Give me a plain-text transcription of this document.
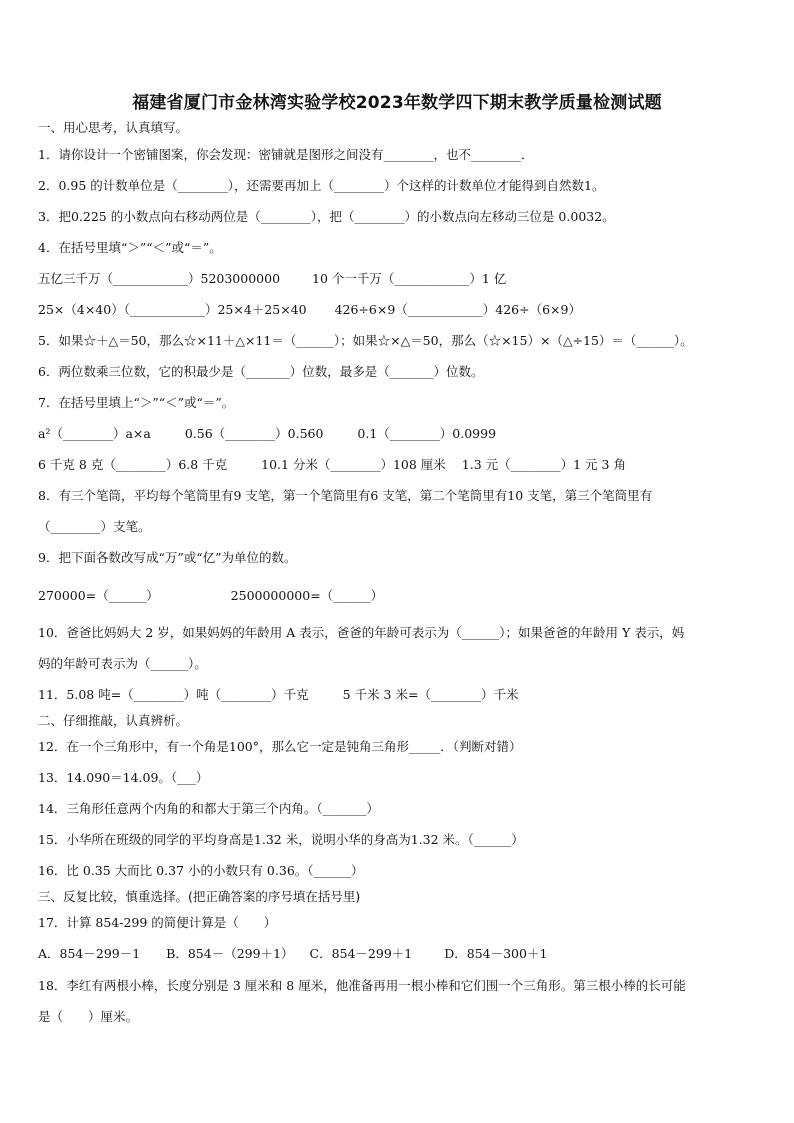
福建省厦门市金林湾实验学校2023年数学四下期末教学质量检测试题
一、用心思考，认真填写。
1．请你设计一个密铺图案，你会发现：密铺就是图形之间没有________，也不________．
2．0.95 的计数单位是（________），还需要再加上（________）个这样的计数单位才能得到自然数1。
3．把0.225 的小数点向右移动两位是（________），把（________）的小数点向左移动三位是 0.0032。
4．在括号里填“＞”“＜”或“＝”。
五亿三千万（____________）5203000000	10 个一千万（____________）1 亿
25×（4×40）（____________）25×4＋25×40 426÷6×9（____________）426÷（6×9）
5．如果☆＋△＝50，那么☆×11＋△×11＝（______）；如果☆×△＝50，那么（☆×15）×（△÷15）＝（______）。
6．两位数乘三位数，它的积最少是（_______）位数，最多是（_______）位数。
7．在括号里填上“＞”“＜”或“＝”。
a²（________）a×a	0.56（________）0.560	0.1（________）0.0999
6 千克 8 克（________）6.8 千克	10.1 分米（________）108 厘米 1.3 元（________）1 元 3 角
8．有三个笔筒，平均每个笔筒里有9 支笔，第一个笔筒里有6 支笔，第二个笔筒里有10 支笔，第三个笔筒里有
（________）支笔。
9．把下面各数改写成“万”或“亿”为单位的数。
270000=（______）	2500000000=（______）
10．爸爸比妈妈大 2 岁，如果妈妈的年龄用 A 表示，爸爸的年龄可表示为（______）；如果爸爸的年龄用 Y 表示，妈
妈的年龄可表示为（______）。
11．5.08 吨=（________）吨（________）千克	5 千米 3 米=（________）千米
二、仔细推敲，认真辨析。
12．在一个三角形中，有一个角是100°，那么它一定是钝角三角形_____．（判断对错）
13．14.090＝14.09。（___）
14．三角形任意两个内角的和都大于第三个内角。（_______）
15．小华所在班级的同学的平均身高是1.32 米，说明小华的身高为1.32 米。（______）
16．比 0.35 大而比 0.37 小的小数只有 0.36。（______）
三、反复比较，慎重选择。(把正确答案的序号填在括号里)
17．计算 854-299 的简便计算是（　　）
A．854－299－1 B．854－（299＋1） C．854－299＋1	D．854－300＋1
18．李红有两根小棒，长度分别是 3 厘米和 8 厘米，他准备再用一根小棒和它们围一个三角形。第三根小棒的长可能
是（　　）厘米。
